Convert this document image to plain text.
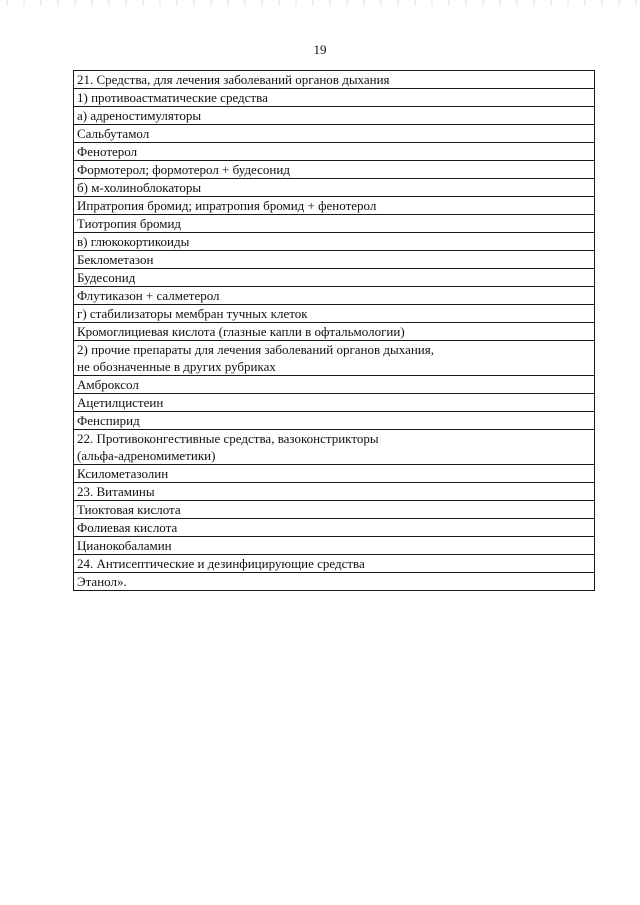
19
21. Средства, для лечения заболеваний органов дыхания
1) противоастматические средства
а) адреностимуляторы
Сальбутамол
Фенотерол
Формотерол; формотерол + будесонид
б) м-холиноблокаторы
Ипратропия бромид; ипратропия бромид + фенотерол
Тиотропия бромид
в) глюкокортикоиды
Беклометазон
Будесонид
Флутиказон + салметерол
г) стабилизаторы мембран тучных клеток
Кромоглициевая кислота (глазные капли в офтальмологии)
2) прочие препараты для лечения заболеваний органов дыхания,
не обозначенные в других рубриках
Амброксол
Ацетилцистеин
Фенспирид
22. Противоконгестивные средства, вазоконстрикторы
(альфа-адреномиметики)
Ксилометазолин
23. Витамины
Тиоктовая кислота
Фолиевая кислота
Цианокобаламин
24. Антисептические и дезинфицирующие средства
Этанол».
